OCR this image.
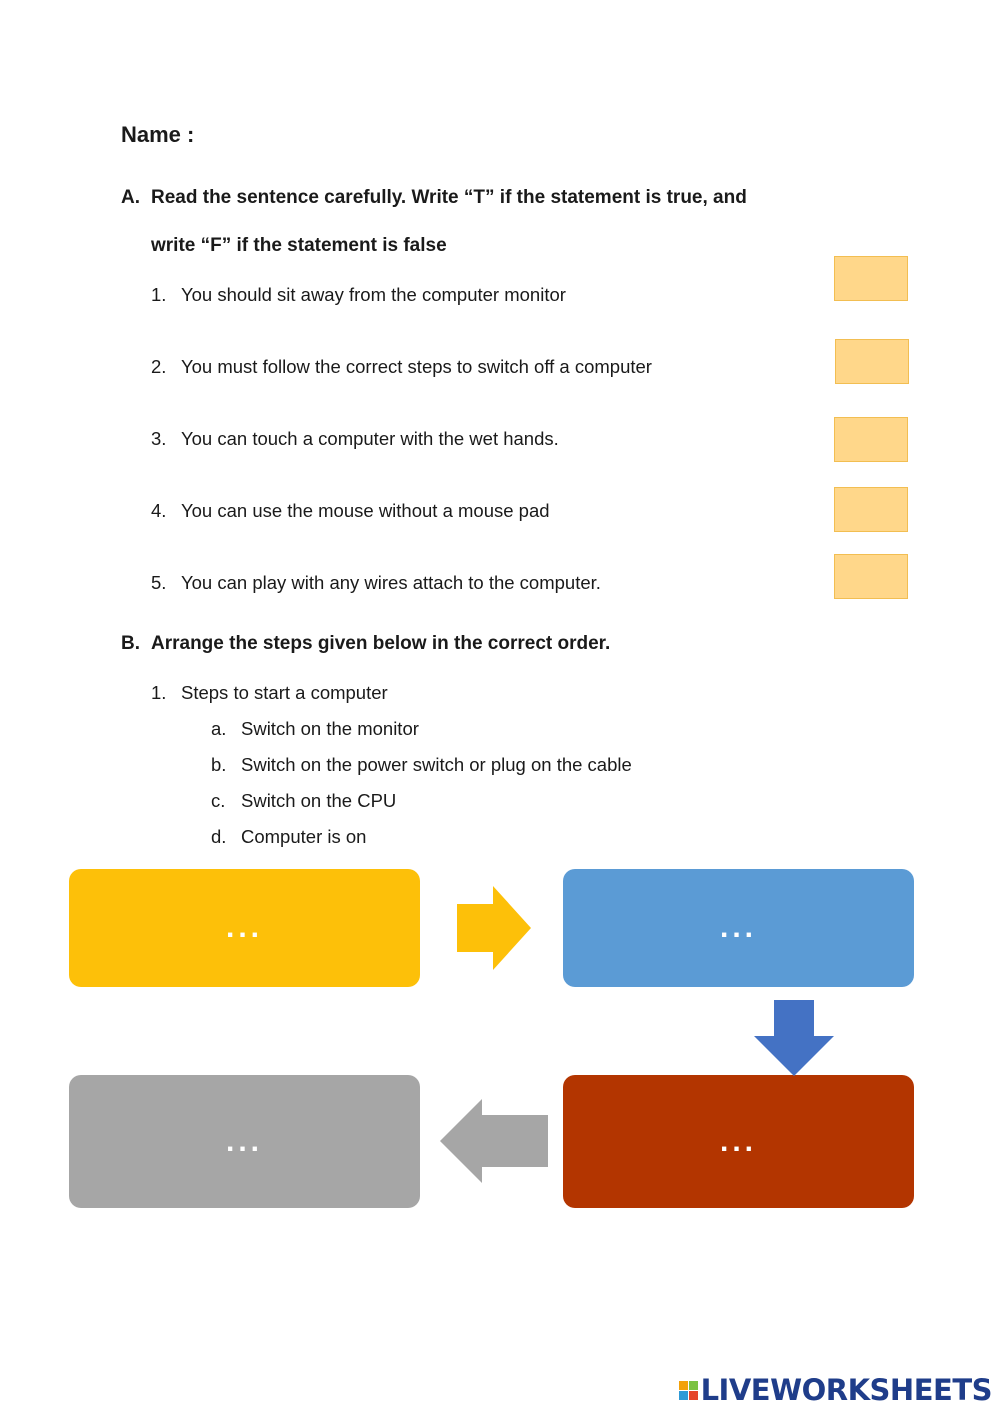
Name :
A. Read the sentence carefully. Write “T” if the statement is true, and
write “F” if the statement is false
1. You should sit away from the computer monitor
2. You must follow the correct steps to switch off a computer
3. You can touch a computer with the wet hands.
4. You can use the mouse without a mouse pad
5. You can play with any wires attach to the computer.
B. Arrange the steps given below in the correct order.
1. Steps to start a computer
a. Switch on the monitor
b. Switch on the power switch or plug on the cable
c. Switch on the CPU
d. Computer is on
...	...
...
...
LIVEWORKSHEETS
